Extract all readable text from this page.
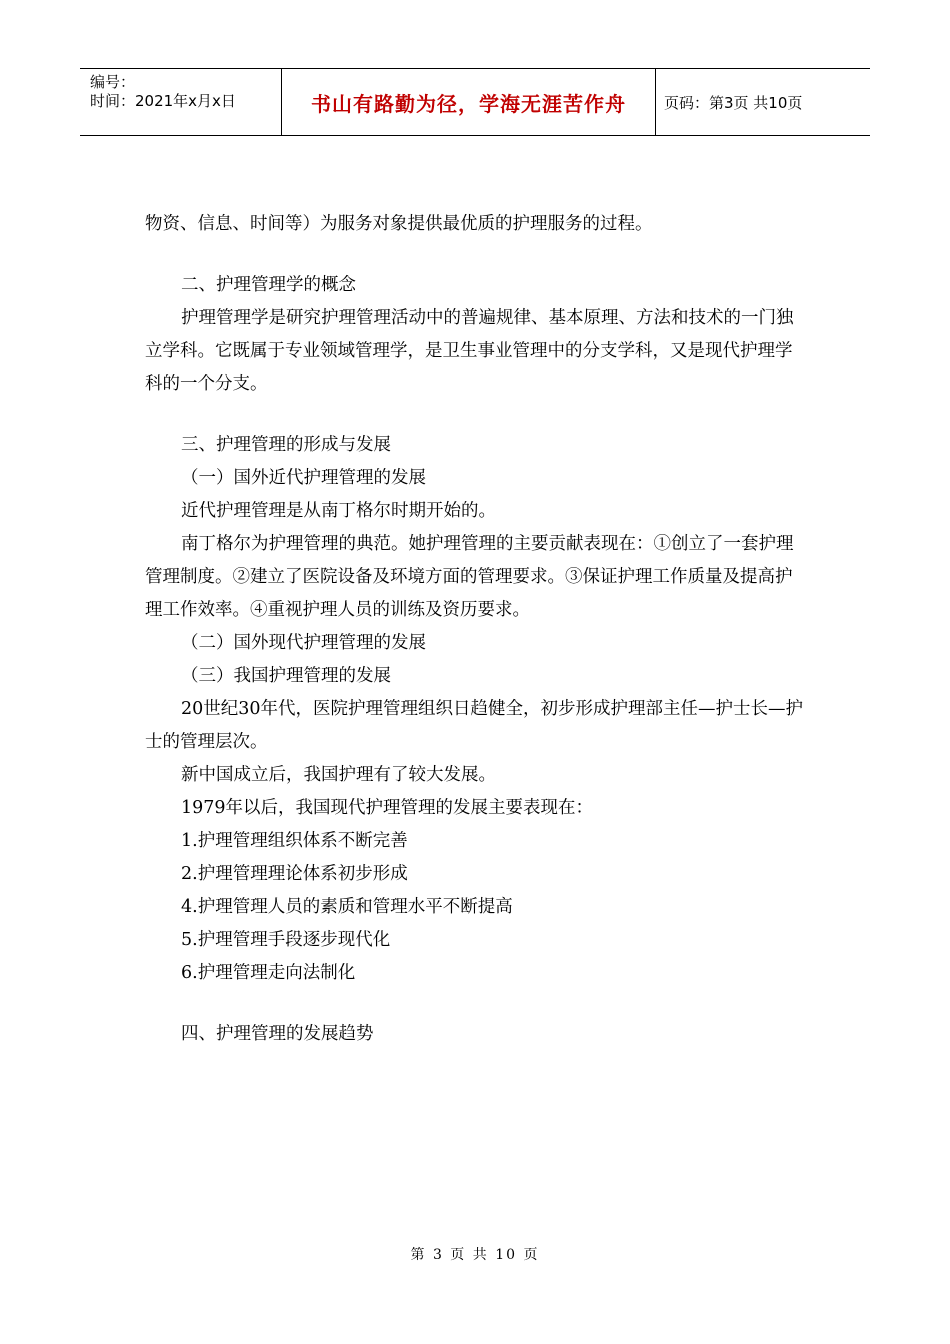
编号：
时间：2021年x月x日	书山有路勤为径，学海无涯苦作舟	页码：第3页 共10页

物资、信息、时间等）为服务对象提供最优质的护理服务的过程。

二、护理管理学的概念

护理管理学是研究护理管理活动中的普遍规律、基本原理、方法和技术的一门独立学科。它既属于专业领域管理学，是卫生事业管理中的分支学科，又是现代护理学科的一个分支。

三、护理管理的形成与发展

（一）国外近代护理管理的发展

近代护理管理是从南丁格尔时期开始的。

南丁格尔为护理管理的典范。她护理管理的主要贡献表现在：①创立了一套护理管理制度。②建立了医院设备及环境方面的管理要求。③保证护理工作质量及提高护理工作效率。④重视护理人员的训练及资历要求。

（二）国外现代护理管理的发展

（三）我国护理管理的发展

20世纪30年代，医院护理管理组织日趋健全，初步形成护理部主任—护士长—护士的管理层次。

新中国成立后，我国护理有了较大发展。

1979年以后，我国现代护理管理的发展主要表现在：

1.护理管理组织体系不断完善

2.护理管理理论体系初步形成

4.护理管理人员的素质和管理水平不断提高

5.护理管理手段逐步现代化

6.护理管理走向法制化

四、护理管理的发展趋势

第 3 页 共 10 页
